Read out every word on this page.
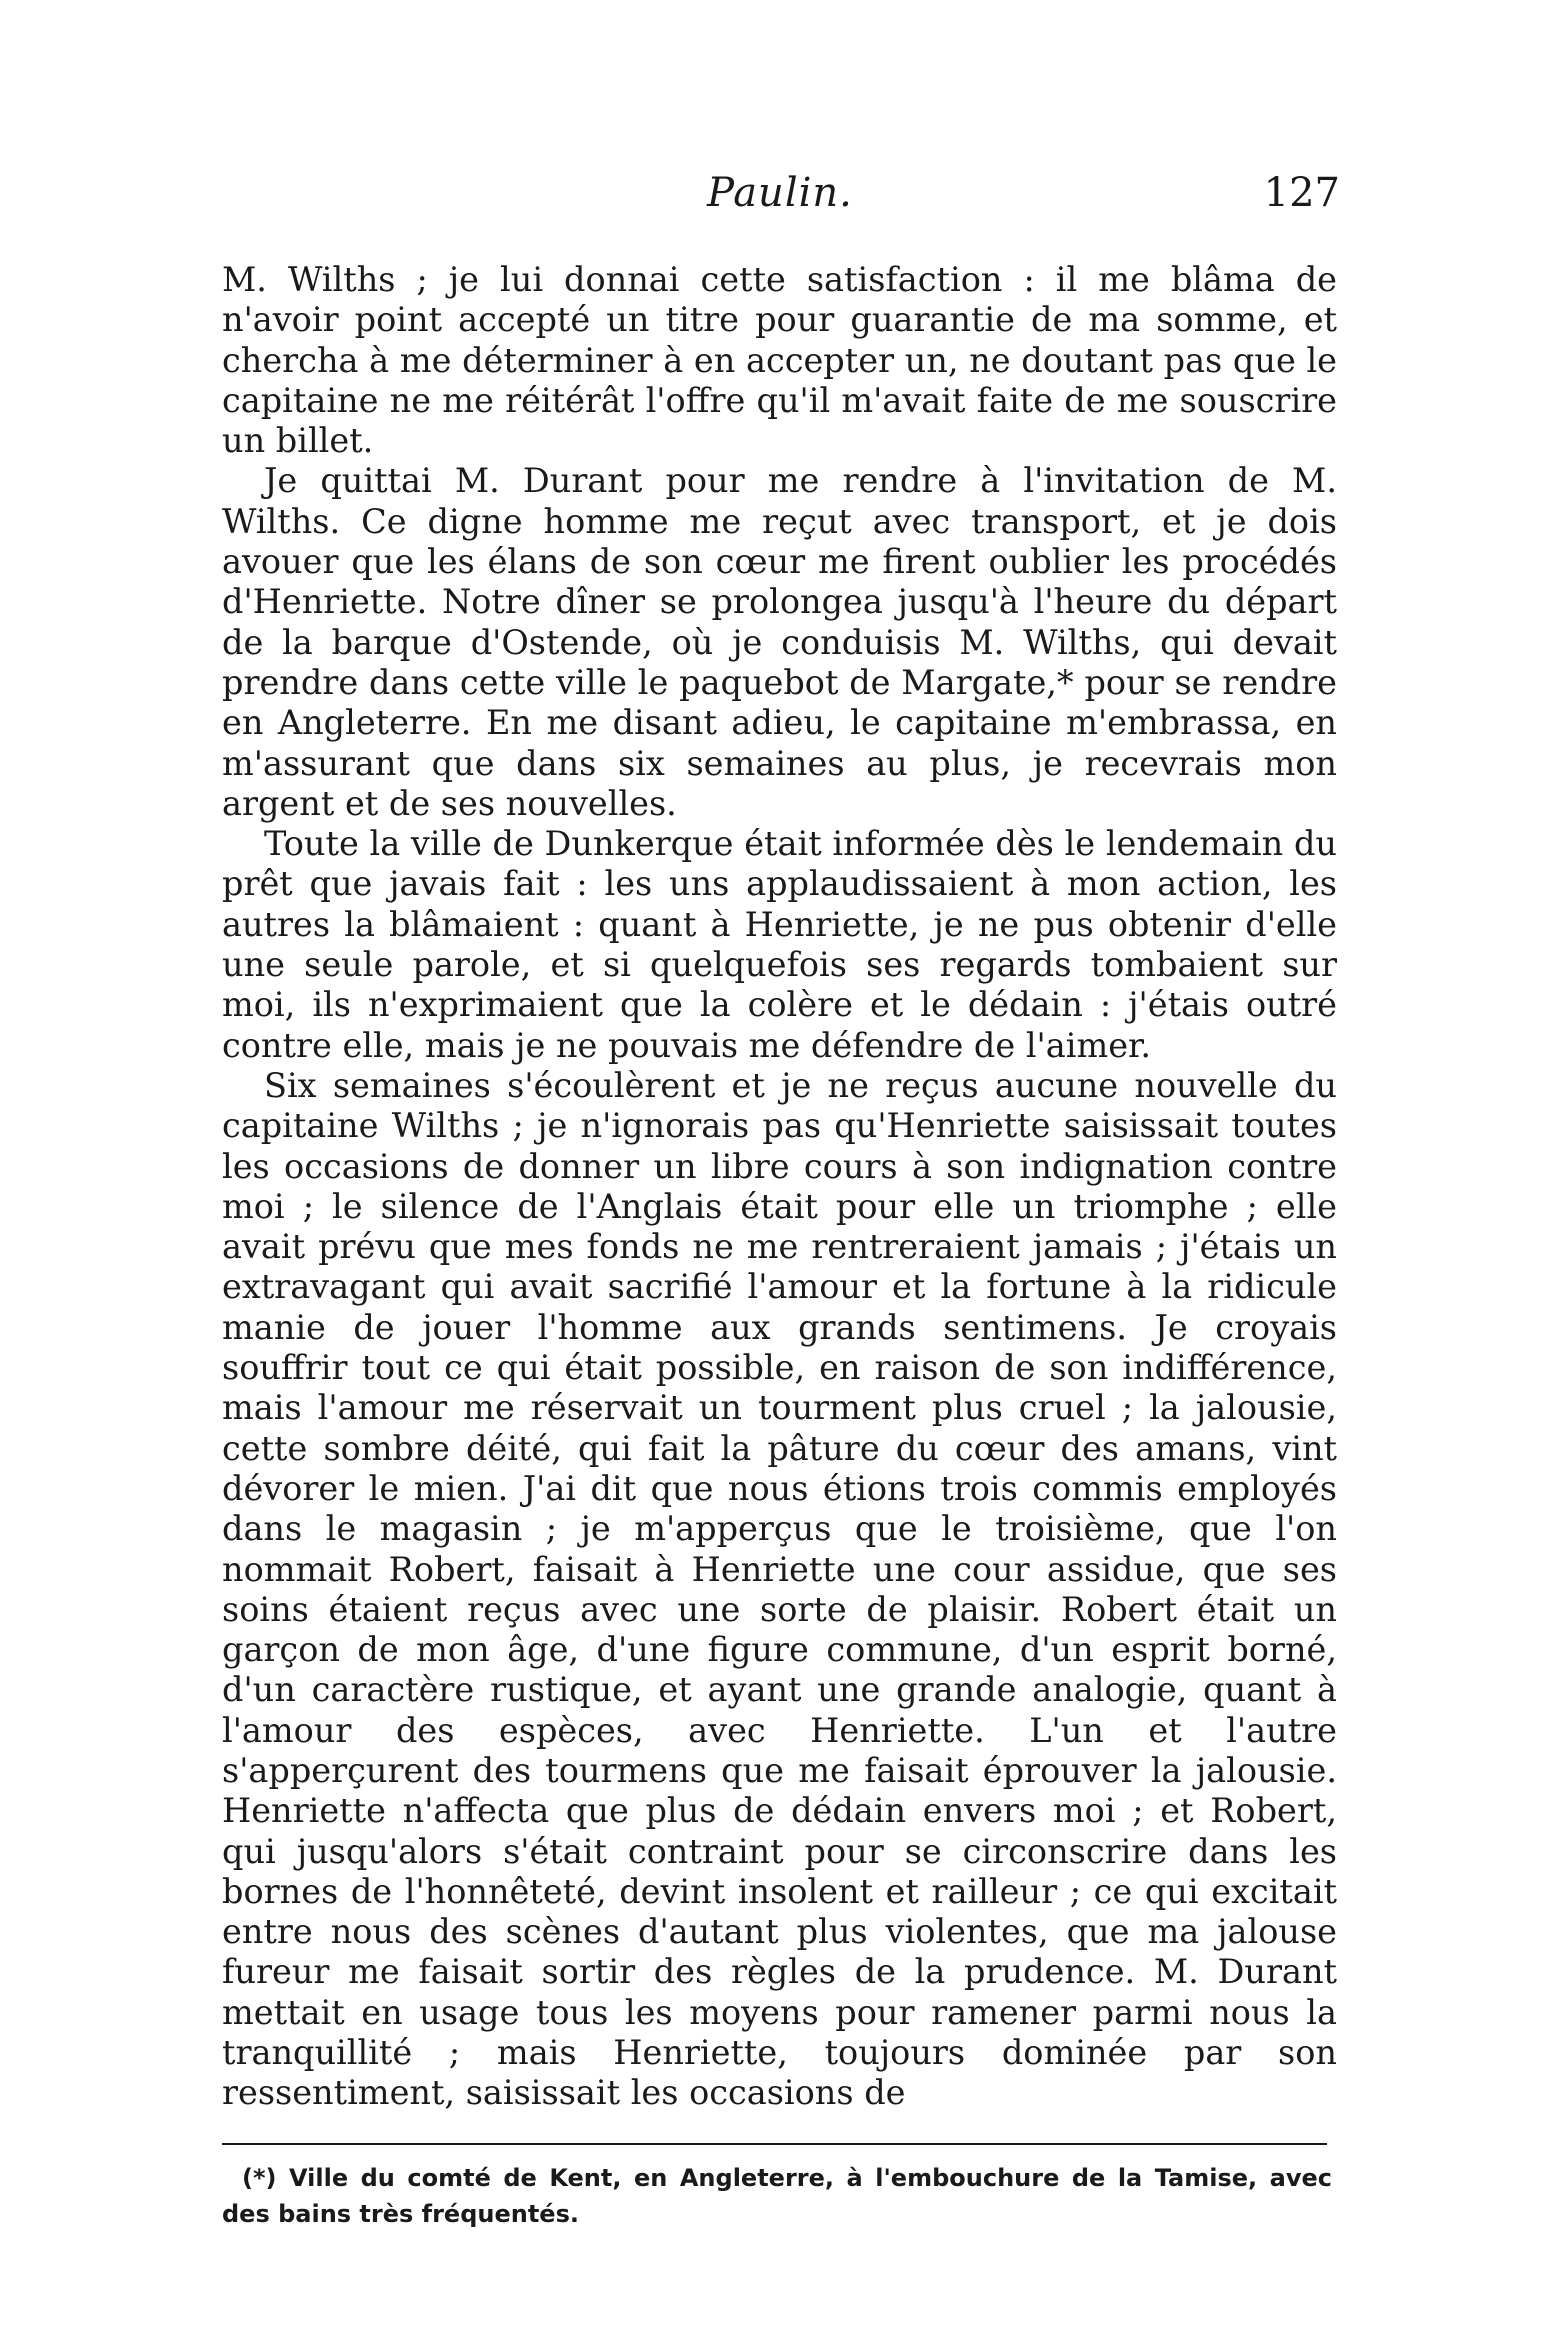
Paulin.	127

M. Wilths ; je lui donnai cette satisfaction : il me blâma de n'avoir point accepté un titre pour guarantie de ma somme, et chercha à me déterminer à en accepter un, ne doutant pas que le capitaine ne me réitérât l'offre qu'il m'avait faite de me souscrire un billet.

Je quittai M. Durant pour me rendre à l'invitation de M. Wilths. Ce digne homme me reçut avec transport, et je dois avouer que les élans de son cœur me firent oublier les procédés d'Henriette. Notre dîner se prolongea jusqu'à l'heure du départ de la barque d'Ostende, où je conduisis M. Wilths, qui devait prendre dans cette ville le paquebot de Margate,* pour se rendre en Angleterre. En me disant adieu, le capitaine m'embrassa, en m'assurant que dans six semaines au plus, je recevrais mon argent et de ses nouvelles.

Toute la ville de Dunkerque était informée dès le lendemain du prêt que javais fait : les uns applaudissaient à mon action, les autres la blâmaient : quant à Henriette, je ne pus obtenir d'elle une seule parole, et si quelquefois ses regards tombaient sur moi, ils n'exprimaient que la colère et le dédain : j'étais outré contre elle, mais je ne pouvais me défendre de l'aimer.

Six semaines s'écoulèrent et je ne reçus aucune nouvelle du capitaine Wilths ; je n'ignorais pas qu'Henriette saisissait toutes les occasions de donner un libre cours à son indignation contre moi ; le silence de l'Anglais était pour elle un triomphe ; elle avait prévu que mes fonds ne me rentreraient jamais ; j'étais un extravagant qui avait sacrifié l'amour et la fortune à la ridicule manie de jouer l'homme aux grands sentimens. Je croyais souffrir tout ce qui était possible, en raison de son indifférence, mais l'amour me réservait un tourment plus cruel ; la jalousie, cette sombre déité, qui fait la pâture du cœur des amans, vint dévorer le mien. J'ai dit que nous étions trois commis employés dans le magasin ; je m'apperçus que le troisième, que l'on nommait Robert, faisait à Henriette une cour assidue, que ses soins étaient reçus avec une sorte de plaisir. Robert était un garçon de mon âge, d'une figure commune, d'un esprit borné, d'un caractère rustique, et ayant une grande analogie, quant à l'amour des espèces, avec Henriette. L'un et l'autre s'apperçurent des tourmens que me faisait éprouver la jalousie. Henriette n'affecta que plus de dédain envers moi ; et Robert, qui jusqu'alors s'était contraint pour se circonscrire dans les bornes de l'honnêteté, devint insolent et railleur ; ce qui excitait entre nous des scènes d'autant plus violentes, que ma jalouse fureur me faisait sortir des règles de la prudence. M. Durant mettait en usage tous les moyens pour ramener parmi nous la tranquillité ; mais Henriette, toujours dominée par son ressentiment, saisissait les occasions de

(*) Ville du comté de Kent, en Angleterre, à l'embouchure de la Tamise, avec des bains très fréquentés.
